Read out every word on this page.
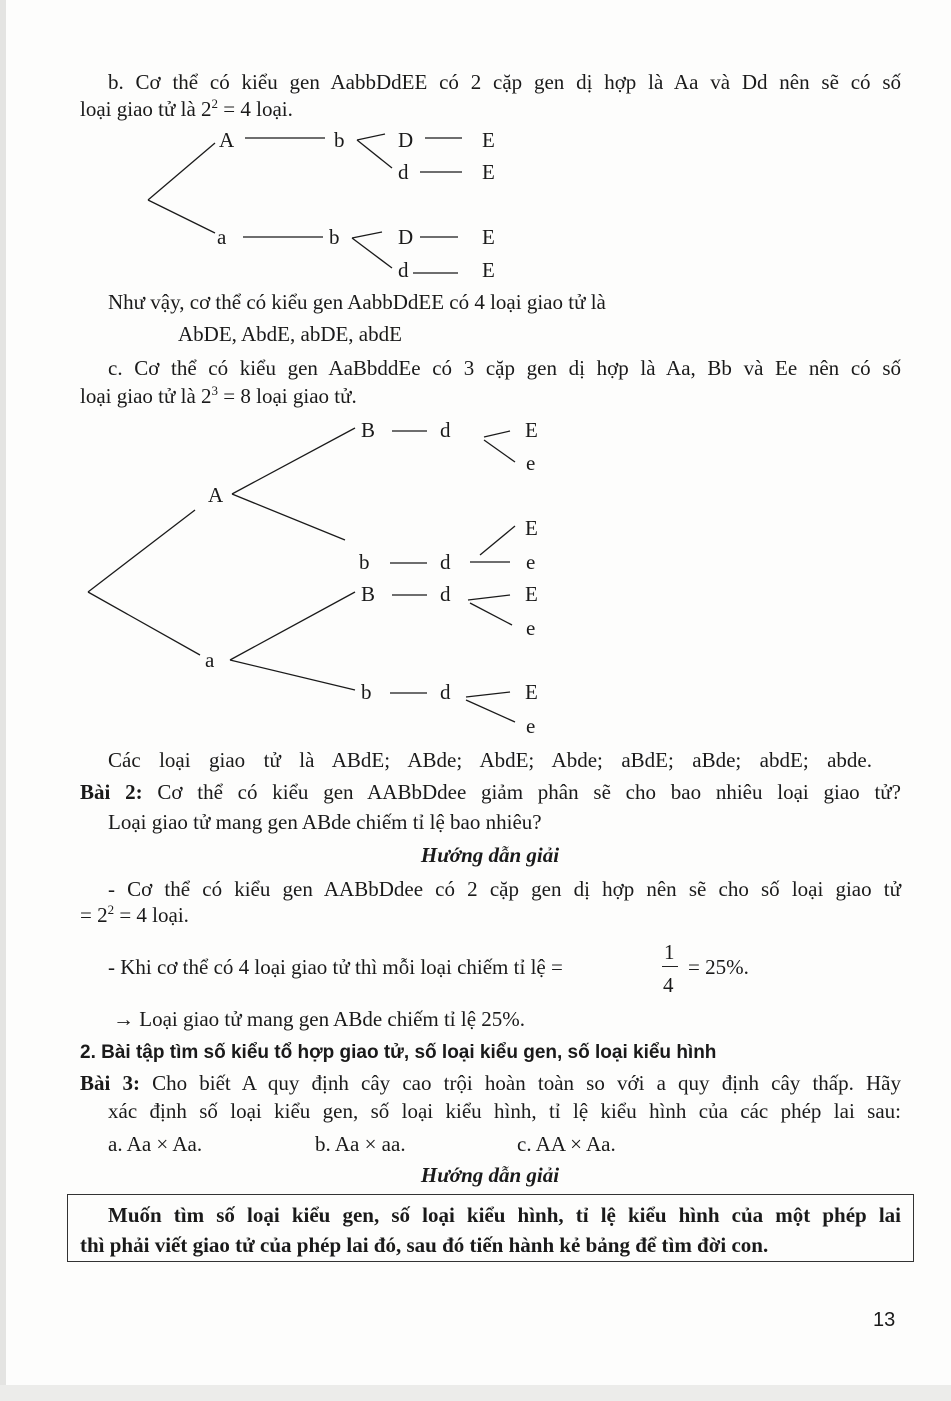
b. Cơ thể có kiểu gen AabbDdEE có 2 cặp gen dị hợp là Aa và Dd nên sẽ có số
loại giao tử là $2^2 = 4$ loại.
A	b	D	E
d	E
a	b	D	E
d	E
A
B	d	E
e
b	d
E
e
a
B	d	E
e
b	d	E
e
Như vậy, cơ thể có kiểu gen AabbDdEE có 4 loại giao tử là
AbDE, AbdE, abDE, abdE
c. Cơ thể có kiểu gen AaBbddEe có 3 cặp gen dị hợp là Aa, Bb và Ee nên có số
loại giao tử là $2^3 = 8$ loại giao tử.
Các loại giao tử là ABdE; ABde; AbdE; Abde; aBdE; aBde; abdE; abde.
Bài 2: Cơ thể có kiểu gen AABbDdee giảm phân sẽ cho bao nhiêu loại giao tử?
Loại giao tử mang gen ABde chiếm tỉ lệ bao nhiêu?
Hướng dẫn giải
- Cơ thể có kiểu gen AABbDdee có 2 cặp gen dị hợp nên sẽ cho số loại giao tử
= $2^2 = 4$ loại.
- Khi cơ thể có 4 loại giao tử thì mỗi loại chiếm tỉ lệ =
1
4
= 25%.
→ Loại giao tử mang gen ABde chiếm tỉ lệ 25%.
2. Bài tập tìm số kiểu tổ hợp giao tử, số loại kiểu gen, số loại kiểu hình
Bài 3: Cho biết A quy định cây cao trội hoàn toàn so với a quy định cây thấp. Hãy
xác định số loại kiểu gen, số loại kiểu hình, tỉ lệ kiểu hình của các phép lai sau:
a. Aa × Aa.	b. Aa × aa.	c. AA × Aa.
Hướng dẫn giải
Muốn tìm số loại kiểu gen, số loại kiểu hình, tỉ lệ kiểu hình của một phép lai
thì phải viết giao tử của phép lai đó, sau đó tiến hành kẻ bảng để tìm đời con.
13
